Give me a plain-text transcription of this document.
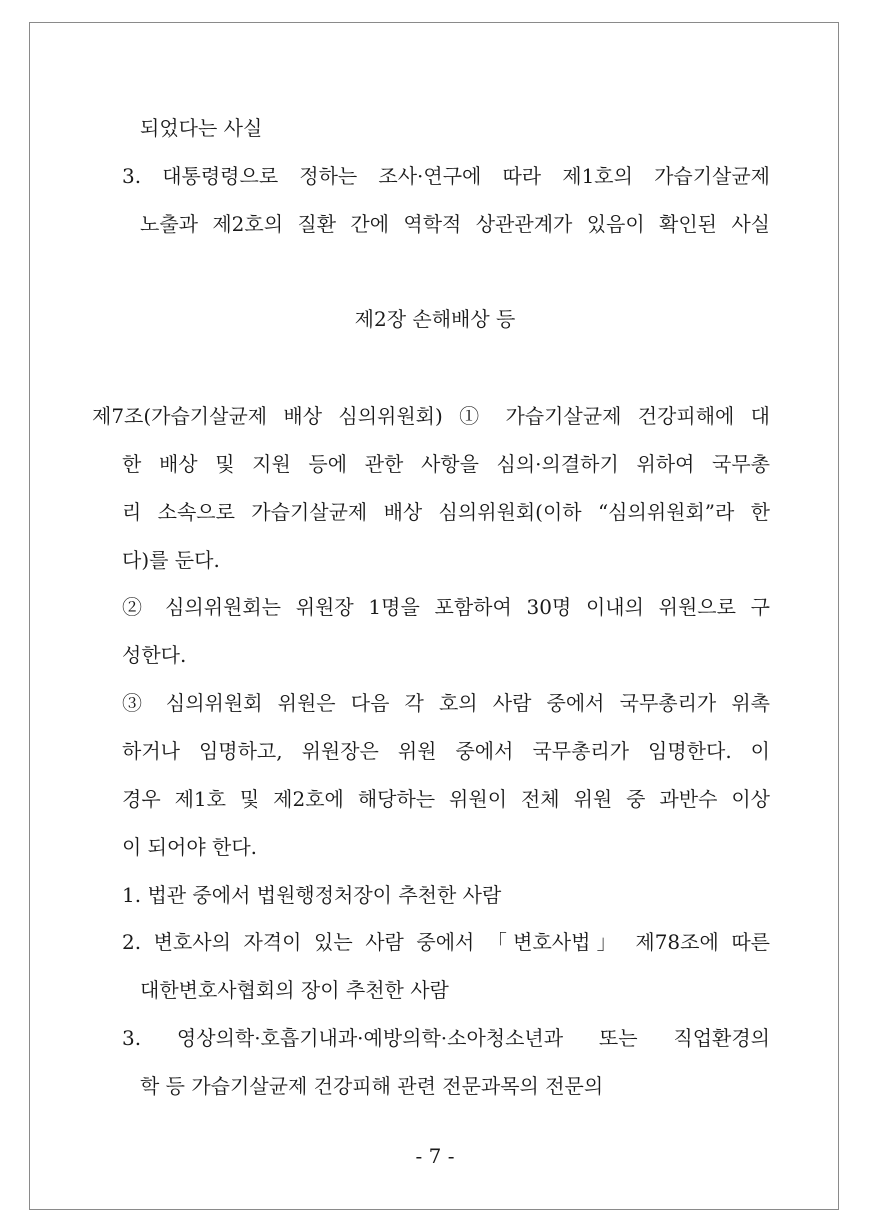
되었다는 사실
3. 대통령령으로 정하는 조사·연구에 따라 제1호의 가습기살균제
노출과 제2호의 질환 간에 역학적 상관관계가 있음이 확인된 사실
제2장 손해배상 등
제7조(가습기살균제 배상 심의위원회) ① 가습기살균제 건강피해에 대
한 배상 및 지원 등에 관한 사항을 심의·의결하기 위하여 국무총
리 소속으로 가습기살균제 배상 심의위원회(이하 “심의위원회”라 한
다)를 둔다.
② 심의위원회는 위원장 1명을 포함하여 30명 이내의 위원으로 구
성한다.
③ 심의위원회 위원은 다음 각 호의 사람 중에서 국무총리가 위촉
하거나 임명하고, 위원장은 위원 중에서 국무총리가 임명한다. 이
경우 제1호 및 제2호에 해당하는 위원이 전체 위원 중 과반수 이상
이 되어야 한다.
1. 법관 중에서 법원행정처장이 추천한 사람
2. 변호사의 자격이 있는 사람 중에서 「변호사법」 제78조에 따른
대한변호사협회의 장이 추천한 사람
3. 영상의학·호흡기내과·예방의학·소아청소년과 또는 직업환경의
학 등 가습기살균제 건강피해 관련 전문과목의 전문의
- 7 -
